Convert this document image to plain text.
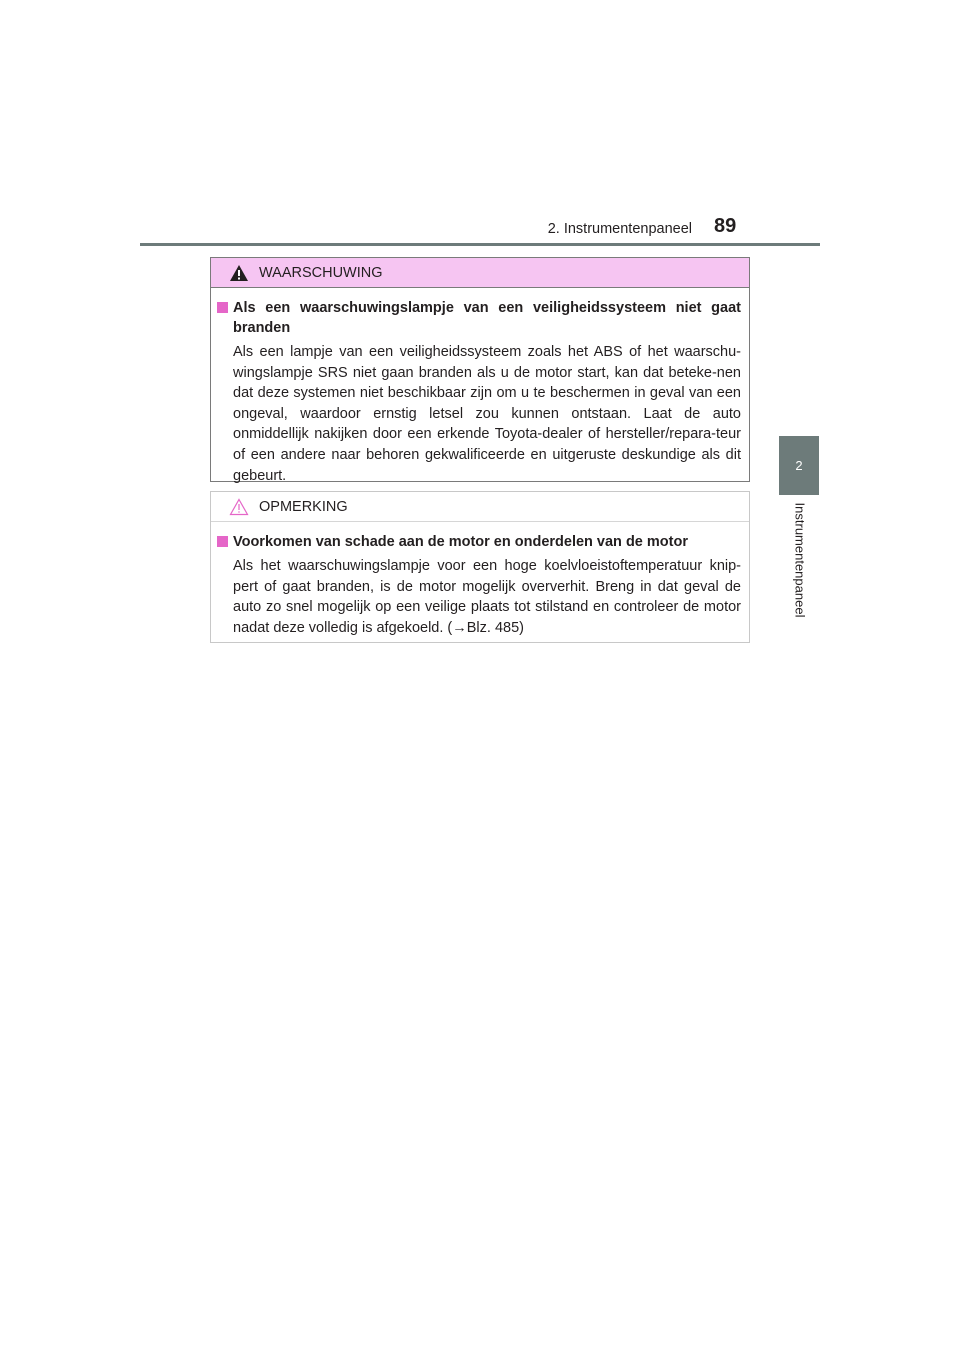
2. Instrumentenpaneel 89
2
Instrumentenpaneel
WAARSCHUWING
Als een waarschuwingslampje van een veiligheidssysteem niet gaat branden
Als een lampje van een veiligheidssysteem zoals het ABS of het waarschu-wingslampje SRS niet gaan branden als u de motor start, kan dat beteke-nen dat deze systemen niet beschikbaar zijn om u te beschermen in geval van een ongeval, waardoor ernstig letsel zou kunnen ontstaan. Laat de auto onmiddellijk nakijken door een erkende Toyota-dealer of hersteller/repara-teur of een andere naar behoren gekwalificeerde en uitgeruste deskundige als dit gebeurt.
OPMERKING
Voorkomen van schade aan de motor en onderdelen van de motor
Als het waarschuwingslampje voor een hoge koelvloeistoftemperatuur knip-pert of gaat branden, is de motor mogelijk oververhit. Breng in dat geval de auto zo snel mogelijk op een veilige plaats tot stilstand en controleer de motor nadat deze volledig is afgekoeld. (→Blz. 485)
